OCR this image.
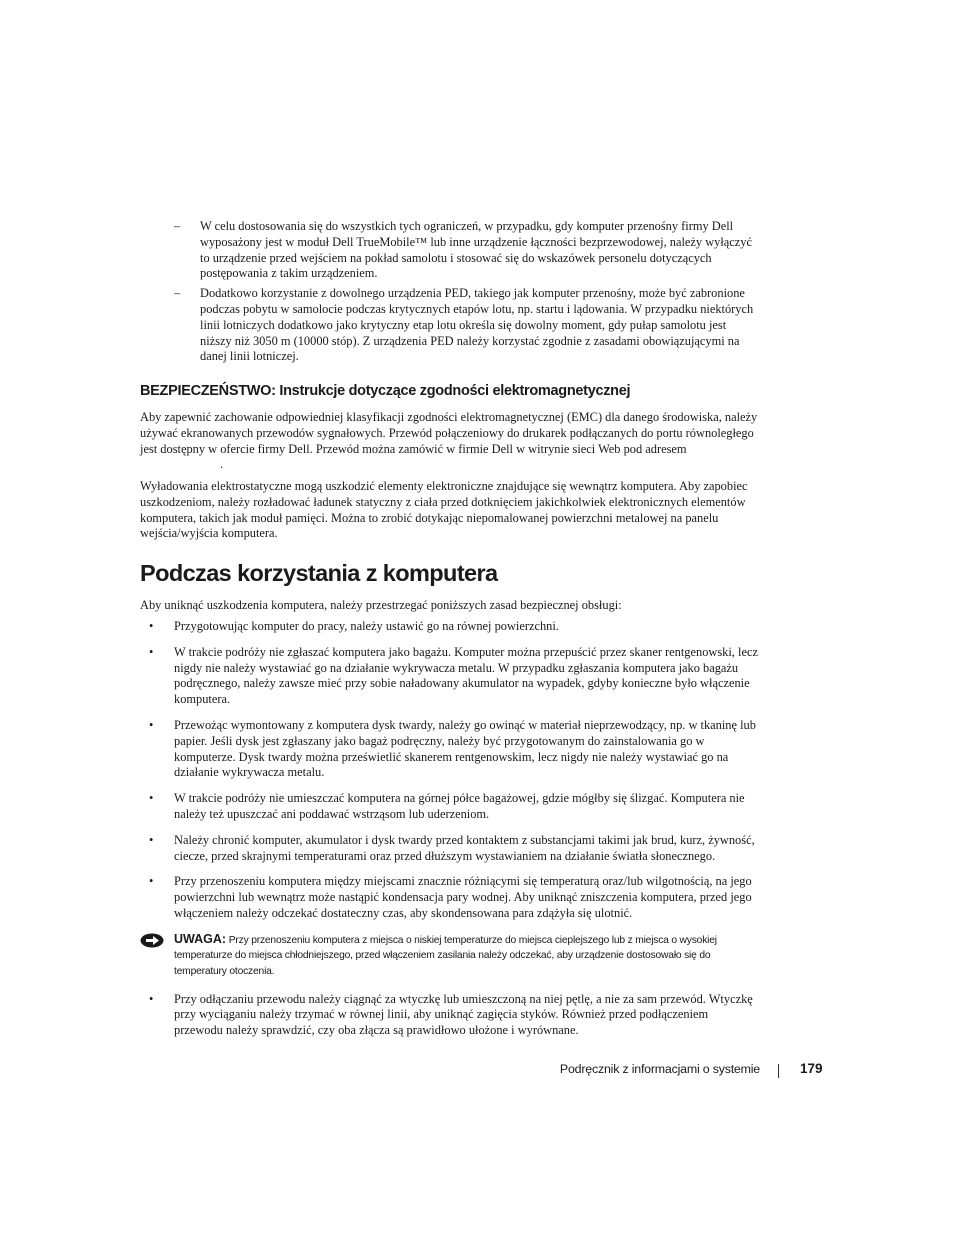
– W celu dostosowania się do wszystkich tych ograniczeń, w przypadku, gdy komputer przenośny firmy Dell wyposażony jest w moduł Dell TrueMobile™ lub inne urządzenie łączności bezprzewodowej, należy wyłączyć to urządzenie przed wejściem na pokład samolotu i stosować się do wskazówek personelu dotyczących postępowania z takim urządzeniem.
– Dodatkowo korzystanie z dowolnego urządzenia PED, takiego jak komputer przenośny, może być zabronione podczas pobytu w samolocie podczas krytycznych etapów lotu, np. startu i lądowania. W przypadku niektórych linii lotniczych dodatkowo jako krytyczny etap lotu określa się dowolny moment, gdy pułap samolotu jest niższy niż 3050 m (10000 stóp). Z urządzenia PED należy korzystać zgodnie z zasadami obowiązującymi na danej linii lotniczej.
BEZPIECZEŃSTWO: Instrukcje dotyczące zgodności elektromagnetycznej

Aby zapewnić zachowanie odpowiedniej klasyfikacji zgodności elektromagnetycznej (EMC) dla danego środowiska, należy używać ekranowanych przewodów sygnałowych. Przewód połączeniowy do drukarek podłączanych do portu równoległego jest dostępny w ofercie firmy Dell. Przewód można zamówić w firmie Dell w witrynie sieci Web pod adresem.

Wyładowania elektrostatyczne mogą uszkodzić elementy elektroniczne znajdujące się wewnątrz komputera. Aby zapobiec uszkodzeniom, należy rozładować ładunek statyczny z ciała przed dotknięciem jakichkolwiek elektronicznych elementów komputera, takich jak moduł pamięci. Można to zrobić dotykając niepomalowanej powierzchni metalowej na panelu wejścia/wyjścia komputera.

Podczas korzystania z komputera

Aby uniknąć uszkodzenia komputera, należy przestrzegać poniższych zasad bezpiecznej obsługi:

• Przygotowując komputer do pracy, należy ustawić go na równej powierzchni.
• W trakcie podróży nie zgłaszać komputera jako bagażu. Komputer można przepuścić przez skaner rentgenowski, lecz nigdy nie należy wystawiać go na działanie wykrywacza metalu. W przypadku zgłaszania komputera jako bagażu podręcznego, należy zawsze mieć przy sobie naładowany akumulator na wypadek, gdyby konieczne było włączenie komputera.
• Przewożąc wymontowany z komputera dysk twardy, należy go owinąć w materiał nieprzewodzący, np. w tkaninę lub papier. Jeśli dysk jest zgłaszany jako bagaż podręczny, należy być przygotowanym do zainstalowania go w komputerze. Dysk twardy można prześwietlić skanerem rentgenowskim, lecz nigdy nie należy wystawiać go na działanie wykrywacza metalu.
• W trakcie podróży nie umieszczać komputera na górnej półce bagażowej, gdzie mógłby się ślizgać. Komputera nie należy też upuszczać ani poddawać wstrząsom lub uderzeniom.
• Należy chronić komputer, akumulator i dysk twardy przed kontaktem z substancjami takimi jak brud, kurz, żywność, ciecze, przed skrajnymi temperaturami oraz przed dłuższym wystawianiem na działanie światła słonecznego.
• Przy przenoszeniu komputera między miejscami znacznie różniącymi się temperaturą oraz/lub wilgotnością, na jego powierzchni lub wewnątrz może nastąpić kondensacja pary wodnej. Aby uniknąć zniszczenia komputera, przed jego włączeniem należy odczekać dostateczny czas, aby skondensowana para zdążyła się ulotnić.
UWAGA: Przy przenoszeniu komputera z miejsca o niskiej temperaturze do miejsca cieplejszego lub z miejsca o wysokiej temperaturze do miejsca chłodniejszego, przed włączeniem zasilania należy odczekać, aby urządzenie dostosowało się do temperatury otoczenia.
• Przy odłączaniu przewodu należy ciągnąć za wtyczkę lub umieszczoną na niej pętlę, a nie za sam przewód. Wtyczkę przy wyciąganiu należy trzymać w równej linii, aby uniknąć zagięcia styków. Również przed podłączeniem przewodu należy sprawdzić, czy oba złącza są prawidłowo ułożone i wyrównane.
Podręcznik z informacjami o systemie	179
